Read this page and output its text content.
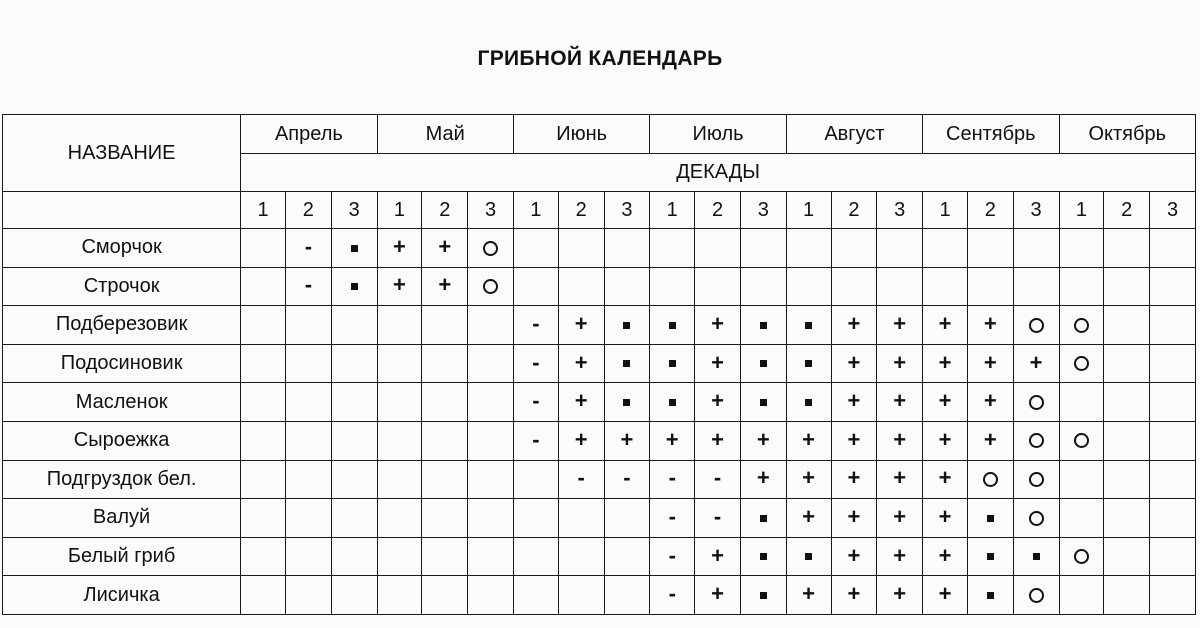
ГРИБНОЙ КАЛЕНДАРЬ
НАЗВАНИЕ	Апрель			Май			Июнь			Июль			Август			Сентябрь			Октябрь		
	ДЕКАДЫ																				
	1	2	3	1	2	3	1	2	3	1	2	3	1	2	3	1	2	3	1	2	3
Сморчок		-		+	+																
Строчок		-		+	+																
Подберезовик							-	+			+			+	+	+	+				
Подосиновик							-	+			+			+	+	+	+	+			
Масленок							-	+			+			+	+	+	+				
Сыроежка							-	+	+	+	+	+	+	+	+	+	+				
Подгруздок бел.								-	-	-	-	+	+	+	+	+					
Валуй										-	-		+	+	+	+					
Белый гриб										-	+			+	+	+					
Лисичка										-	+		+	+	+	+					
